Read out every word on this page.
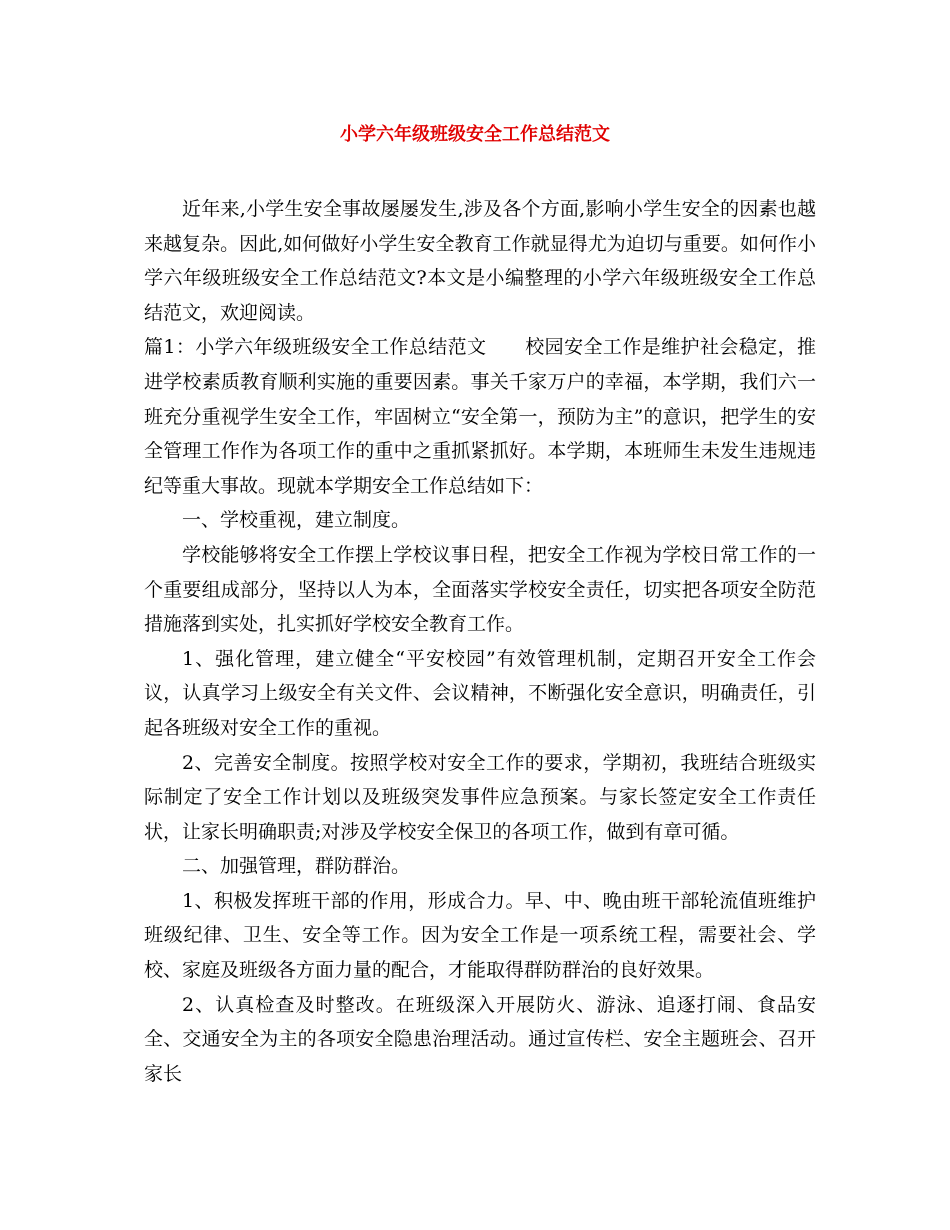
小学六年级班级安全工作总结范文

近年来,小学生安全事故屡屡发生,涉及各个方面,影响小学生安全的因素也越来越复杂。因此,如何做好小学生安全教育工作就显得尤为迫切与重要。如何作小学六年级班级安全工作总结范文?本文是小编整理的小学六年级班级安全工作总结范文，欢迎阅读。

篇1：小学六年级班级安全工作总结范文　　校园安全工作是维护社会稳定，推进学校素质教育顺利实施的重要因素。事关千家万户的幸福，本学期，我们六一班充分重视学生安全工作，牢固树立“安全第一，预防为主”的意识，把学生的安全管理工作作为各项工作的重中之重抓紧抓好。本学期，本班师生未发生违规违纪等重大事故。现就本学期安全工作总结如下：

一、学校重视，建立制度。

学校能够将安全工作摆上学校议事日程，把安全工作视为学校日常工作的一个重要组成部分，坚持以人为本，全面落实学校安全责任，切实把各项安全防范措施落到实处，扎实抓好学校安全教育工作。

1、强化管理，建立健全“平安校园”有效管理机制，定期召开安全工作会议，认真学习上级安全有关文件、会议精神，不断强化安全意识，明确责任，引起各班级对安全工作的重视。

2、完善安全制度。按照学校对安全工作的要求，学期初，我班结合班级实际制定了安全工作计划以及班级突发事件应急预案。与家长签定安全工作责任状，让家长明确职责;对涉及学校安全保卫的各项工作，做到有章可循。

二、加强管理，群防群治。

1、积极发挥班干部的作用，形成合力。早、中、晚由班干部轮流值班维护班级纪律、卫生、安全等工作。因为安全工作是一项系统工程，需要社会、学校、家庭及班级各方面力量的配合，才能取得群防群治的良好效果。

2、认真检查及时整改。在班级深入开展防火、游泳、追逐打闹、食品安全、交通安全为主的各项安全隐患治理活动。通过宣传栏、安全主题班会、召开家长
